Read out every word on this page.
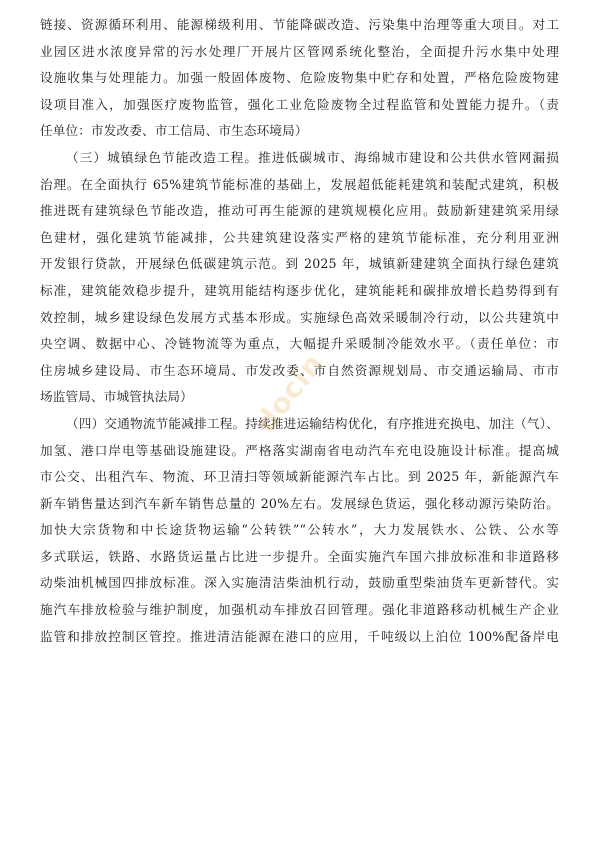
链接、资源循环利用、能源梯级利用、节能降碳改造、污染集中治理等重大项目。对工
业园区进水浓度异常的污水处理厂开展片区管网系统化整治，全面提升污水集中处理
设施收集与处理能力。加强一般固体废物、危险废物集中贮存和处置，严格危险废物建
设项目准入，加强医疗废物监管，强化工业危险废物全过程监管和处置能力提升。（责
任单位：市发改委、市工信局、市生态环境局）
（三）城镇绿色节能改造工程。推进低碳城市、海绵城市建设和公共供水管网漏损
治理。在全面执行 65%建筑节能标准的基础上，发展超低能耗建筑和装配式建筑，积极
推进既有建筑绿色节能改造，推动可再生能源的建筑规模化应用。鼓励新建建筑采用绿
色建材，强化建筑节能减排，公共建筑建设落实严格的建筑节能标准，充分利用亚洲
开发银行贷款，开展绿色低碳建筑示范。到 2025 年，城镇新建建筑全面执行绿色建筑
标准，建筑能效稳步提升，建筑用能结构逐步优化，建筑能耗和碳排放增长趋势得到有
效控制，城乡建设绿色发展方式基本形成。实施绿色高效采暖制冷行动，以公共建筑中
央空调、数据中心、冷链物流等为重点，大幅提升采暖制冷能效水平。（责任单位：市
住房城乡建设局、市生态环境局、市发改委、市自然资源规划局、市交通运输局、市市
场监管局、市城管执法局）
（四）交通物流节能减排工程。持续推进运输结构优化，有序推进充换电、加注（气）、
加氢、港口岸电等基础设施建设。严格落实湖南省电动汽车充电设施设计标准。提高城
市公交、出租汽车、物流、环卫清扫等领域新能源汽车占比。到 2025 年，新能源汽车
新车销售量达到汽车新车销售总量的 20%左右。发展绿色货运，强化移动源污染防治。
加快大宗货物和中长途货物运输“公转铁”“公转水”，大力发展铁水、公铁、公水等
多式联运，铁路、水路货运量占比进一步提升。全面实施汽车国六排放标准和非道路移
动柴油机械国四排放标准。深入实施清洁柴油机行动，鼓励重型柴油货车更新替代。实
施汽车排放检验与维护制度，加强机动车排放召回管理。强化非道路移动机械生产企业
监管和排放控制区管控。推进清洁能源在港口的应用，千吨级以上泊位 100%配备岸电
docin
